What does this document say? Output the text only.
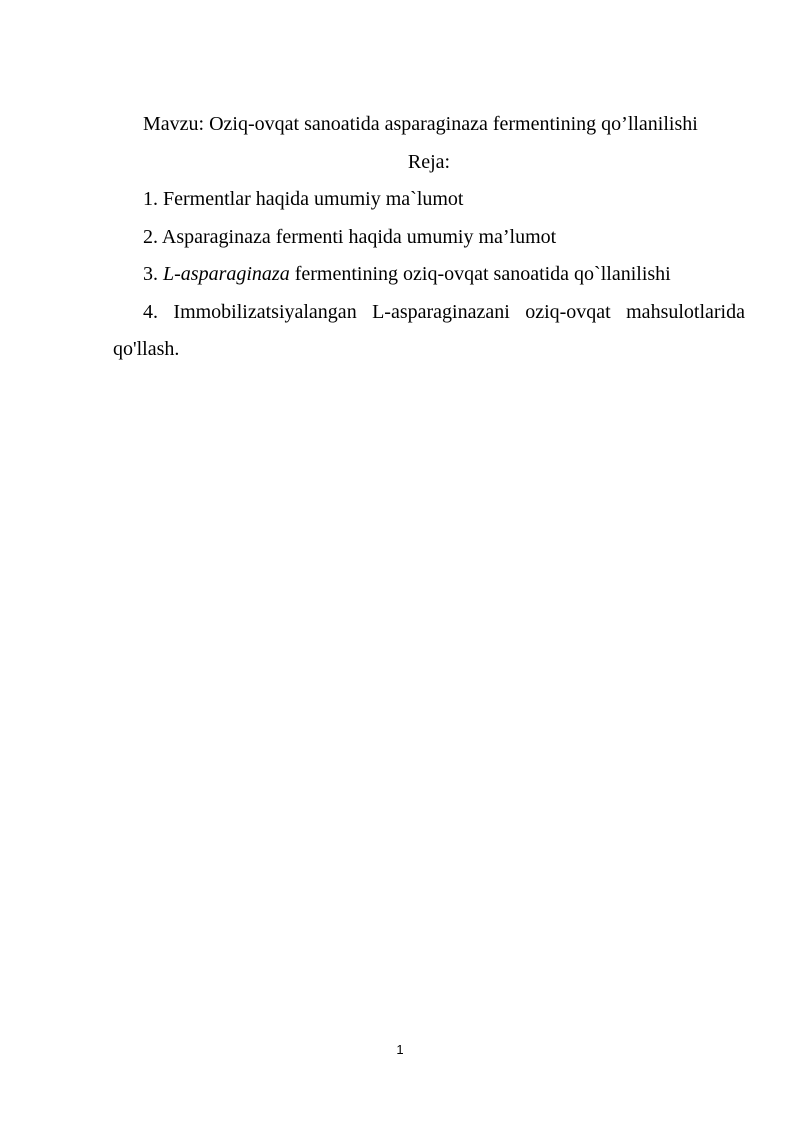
Mavzu: Oziq-ovqat sanoatida asparaginaza fermentining qo’llanilishi
Reja:
1. Fermentlar haqida umumiy ma`lumot
2. Asparaginaza fermenti haqida umumiy ma’lumot
3. L-asparaginaza fermentining oziq-ovqat sanoatida qo`llanilishi
4. Immobilizatsiyalangan L-asparaginazani oziq-ovqat mahsulotlarida qo'llash.
1
